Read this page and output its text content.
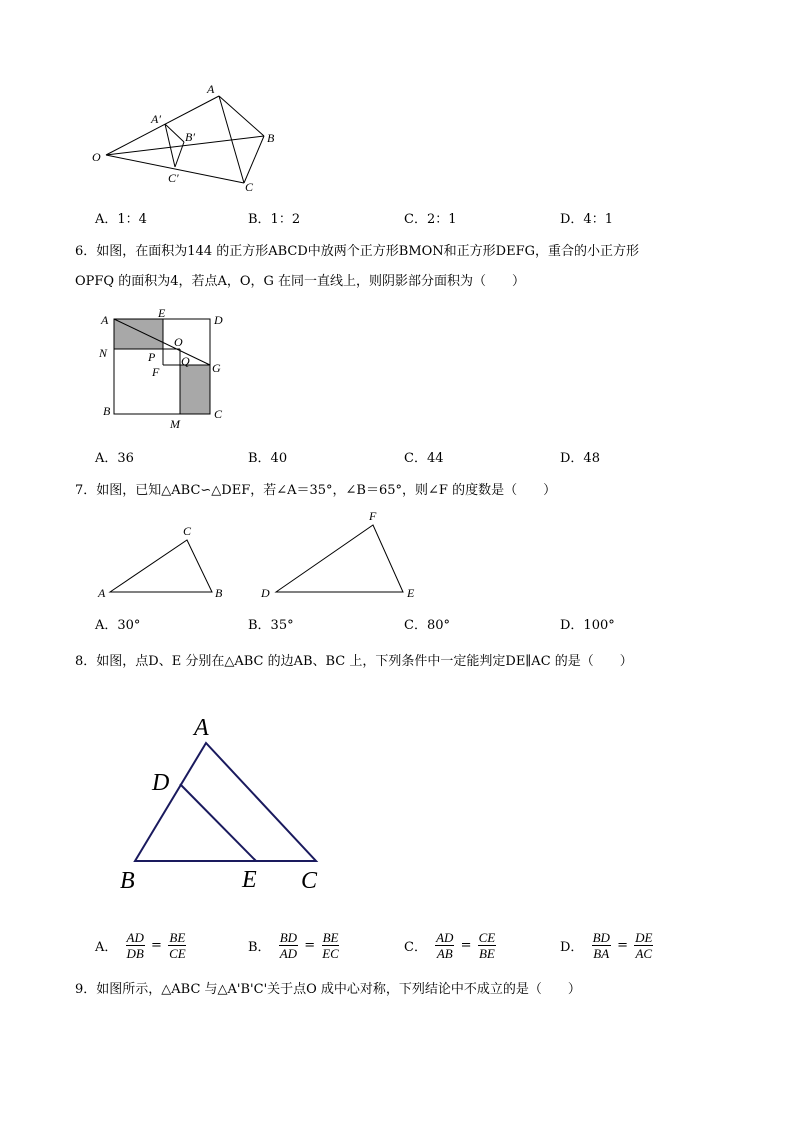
O
A
B
C
A′
B′
C′
A．1：4	B．1：2	C．2：1	D．4：1
6．如图，在面积为144 的正方形ABCD中放两个正方形BMON和正方形DEFG，重合的小正方形
OPFQ 的面积为4，若点A，O，G 在同一直线上，则阴影部分面积为（　　）
A	E	D
N
O
P Q
F	G
B
M
C
A．36	B．40	C．44	D．48
7．如图，已知△ABC∽△DEF，若∠A＝35°，∠B＝65°，则∠F 的度数是（　　）
A
C
B	D
F
E
A．30°	B．35°	C．80°	D．100°
8．如图，点D、E 分别在△ABC 的边AB、BC 上，下列条件中一定能判定DE∥AC 的是（　　）
A
D
B	E C
A． $\frac{AD}{DB} = \frac{BE}{CE}$	B． $\frac{BD}{AD} = \frac{BE}{EC}$	C． $\frac{AD}{AB} = \frac{CE}{BE}$	D． $\frac{BD}{BA} = \frac{DE}{AC}$
9．如图所示，△ABC 与△A'B'C'关于点O 成中心对称，下列结论中不成立的是（　　）
